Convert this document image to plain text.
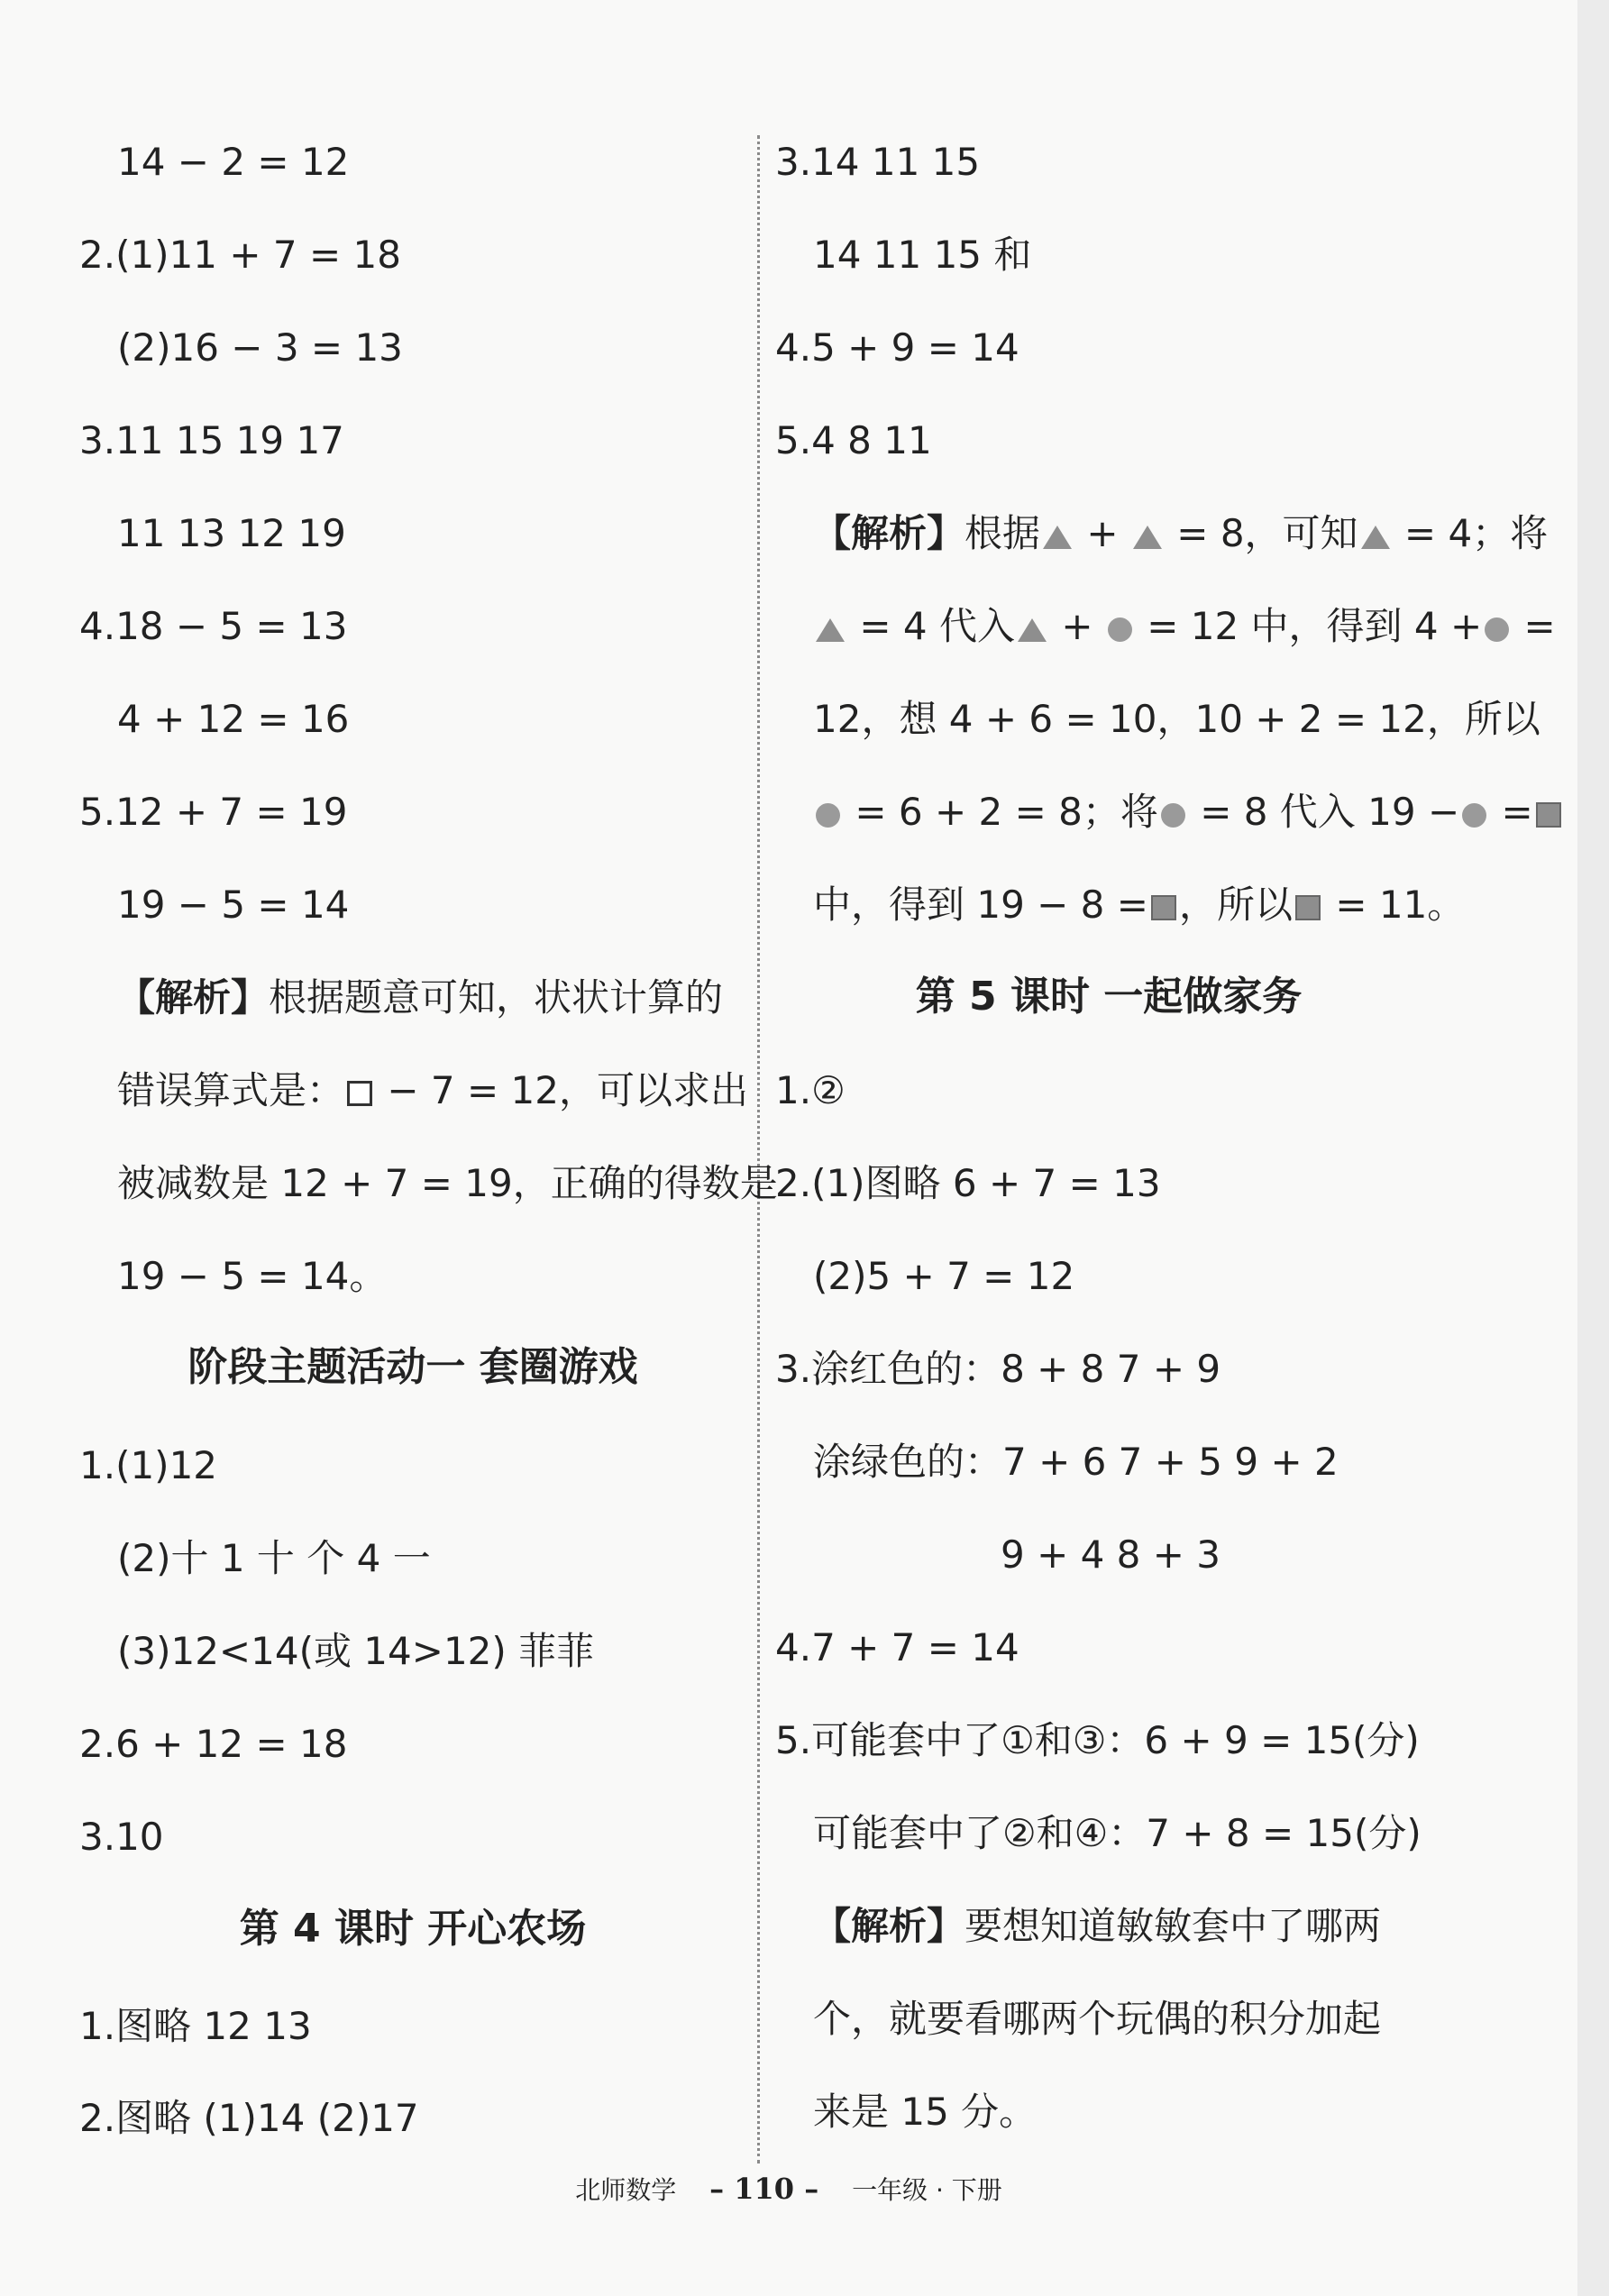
14 − 2 = 12
2.(1)11 + 7 = 18
(2)16 − 3 = 13
3.11 15 19 17
11 13 12 19
4.18 − 5 = 13
4 + 12 = 16
5.12 + 7 = 19
19 − 5 = 14
【解析】根据题意可知，状状计算的
错误算式是： − 7 = 12，可以求出
被减数是 12 + 7 = 19，正确的得数是
19 − 5 = 14。
阶段主题活动一 套圈游戏
1.(1)12
(2)十 1 十 个 4 一
(3)12<14(或 14>12) 菲菲
2.6 + 12 = 18
3.10
第 4 课时 开心农场
1.图略 12 13
2.图略 (1)14 (2)17
3.14 11 15
14 11 15 和
4.5 + 9 = 14
5.4 8 11
【解析】根据 +  = 8，可知 = 4；将
= 4 代入 +  = 12 中，得到 4 + =
12，想 4 + 6 = 10，10 + 2 = 12，所以
= 6 + 2 = 8；将 = 8 代入 19 − =
中，得到 19 − 8 = ，所以 = 11。
第 5 课时 一起做家务
1.②
2.(1)图略 6 + 7 = 13
(2)5 + 7 = 12
3.涂红色的：8 + 8 7 + 9
涂绿色的：7 + 6 7 + 5 9 + 2
9 + 4 8 + 3
4.7 + 7 = 14
5.可能套中了①和③：6 + 9 = 15(分)
可能套中了②和④：7 + 8 = 15(分)
【解析】要想知道敏敏套中了哪两
个，就要看哪两个玩偶的积分加起
来是 15 分。
北师数学 – 110 – 一年级 · 下册
